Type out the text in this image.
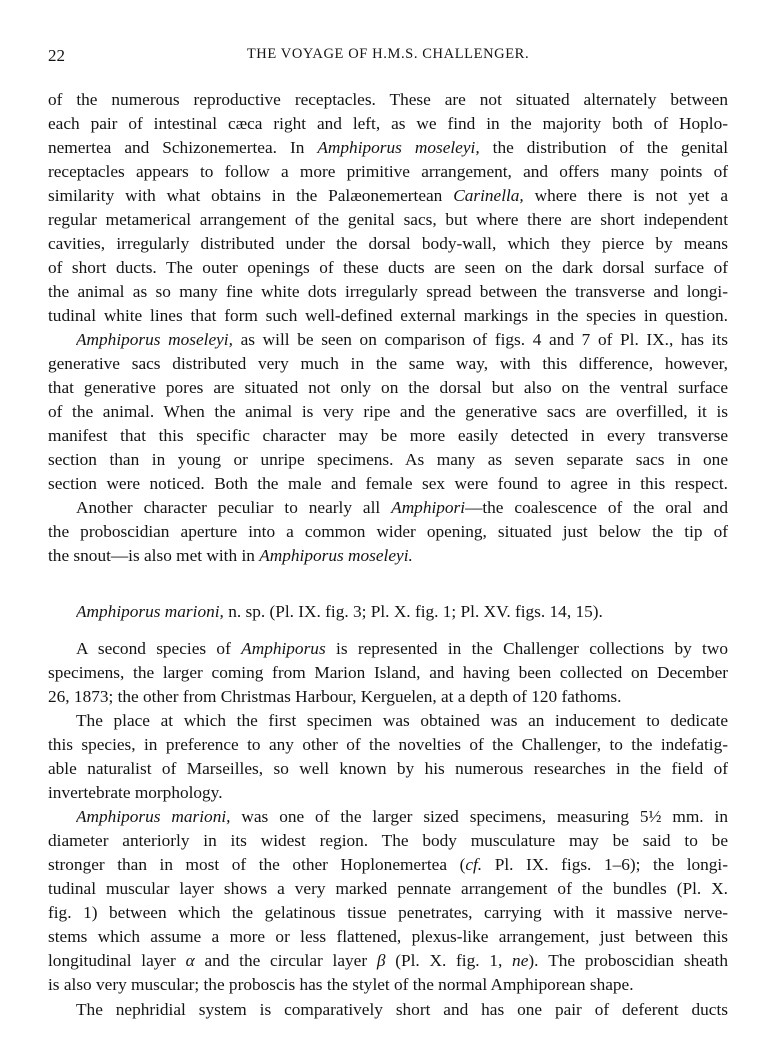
22	THE VOYAGE OF H.M.S. CHALLENGER.
of the numerous reproductive receptacles. These are not situated alternately between
each pair of intestinal cæca right and left, as we find in the majority both of Hoplo-
nemertea and Schizonemertea. In Amphiporus moseleyi, the distribution of the genital
receptacles appears to follow a more primitive arrangement, and offers many points of
similarity with what obtains in the Palæonemertean Carinella, where there is not yet a
regular metamerical arrangement of the genital sacs, but where there are short independent
cavities, irregularly distributed under the dorsal body-wall, which they pierce by means
of short ducts. The outer openings of these ducts are seen on the dark dorsal surface of
the animal as so many fine white dots irregularly spread between the transverse and longi-
tudinal white lines that form such well-defined external markings in the species in question.
Amphiporus moseleyi, as will be seen on comparison of figs. 4 and 7 of Pl. IX., has its
generative sacs distributed very much in the same way, with this difference, however,
that generative pores are situated not only on the dorsal but also on the ventral surface
of the animal. When the animal is very ripe and the generative sacs are overfilled, it is
manifest that this specific character may be more easily detected in every transverse
section than in young or unripe specimens. As many as seven separate sacs in one
section were noticed. Both the male and female sex were found to agree in this respect.
Another character peculiar to nearly all Amphipori—the coalescence of the oral and
the proboscidian aperture into a common wider opening, situated just below the tip of
the snout—is also met with in Amphiporus moseleyi.
Amphiporus marioni, n. sp. (Pl. IX. fig. 3; Pl. X. fig. 1; Pl. XV. figs. 14, 15).
A second species of Amphiporus is represented in the Challenger collections by two
specimens, the larger coming from Marion Island, and having been collected on December
26, 1873; the other from Christmas Harbour, Kerguelen, at a depth of 120 fathoms.
The place at which the first specimen was obtained was an inducement to dedicate
this species, in preference to any other of the novelties of the Challenger, to the indefatig-
able naturalist of Marseilles, so well known by his numerous researches in the field of
invertebrate morphology.
Amphiporus marioni, was one of the larger sized specimens, measuring 5½ mm. in
diameter anteriorly in its widest region. The body musculature may be said to be
stronger than in most of the other Hoplonemertea (cf. Pl. IX. figs. 1–6); the longi-
tudinal muscular layer shows a very marked pennate arrangement of the bundles (Pl. X.
fig. 1) between which the gelatinous tissue penetrates, carrying with it massive nerve-
stems which assume a more or less flattened, plexus-like arrangement, just between this
longitudinal layer α and the circular layer β (Pl. X. fig. 1, ne). The proboscidian sheath
is also very muscular; the proboscis has the stylet of the normal Amphiporean shape.
The nephridial system is comparatively short and has one pair of deferent ducts
